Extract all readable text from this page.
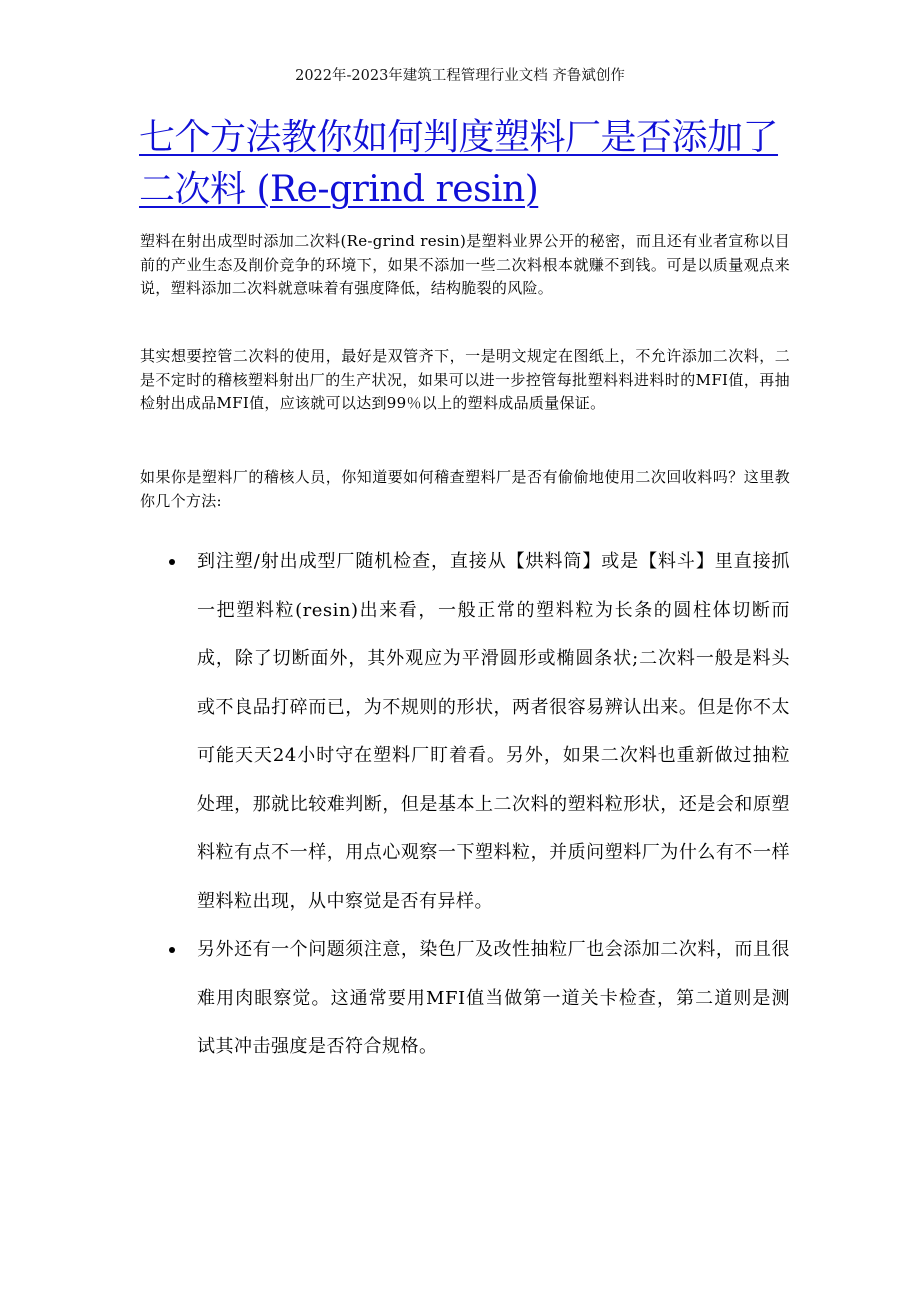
2022年-2023年建筑工程管理行业文档 齐鲁斌创作
七个方法教你如何判度塑料厂是否添加了二次料 (Re-grind resin)

塑料在射出成型时添加二次料(Re-grind resin)是塑料业界公开的秘密，而且还有业者宣称以目前的产业生态及削价竞争的环境下，如果不添加一些二次料根本就赚不到钱。可是以质量观点来说，塑料添加二次料就意味着有强度降低，结构脆裂的风险。

其实想要控管二次料的使用，最好是双管齐下，一是明文规定在图纸上，不允许添加二次料，二是不定时的稽核塑料射出厂的生产状况，如果可以进一步控管每批塑料料进料时的MFI值，再抽检射出成品MFI值，应该就可以达到99％以上的塑料成品质量保证。

如果你是塑料厂的稽核人员，你知道要如何稽查塑料厂是否有偷偷地使用二次回收料吗？这里教你几个方法:

到注塑/射出成型厂随机检查，直接从【烘料筒】或是【料斗】里直接抓一把塑料粒(resin)出来看，一般正常的塑料粒为长条的圆柱体切断而成，除了切断面外，其外观应为平滑圆形或椭圆条状;二次料一般是料头或不良品打碎而已，为不规则的形状，两者很容易辨认出来。但是你不太可能天天24小时守在塑料厂盯着看。另外，如果二次料也重新做过抽粒处理，那就比较难判断，但是基本上二次料的塑料粒形状，还是会和原塑料粒有点不一样，用点心观察一下塑料粒，并质问塑料厂为什么有不一样塑料粒出现，从中察觉是否有异样。
另外还有一个问题须注意，染色厂及改性抽粒厂也会添加二次料，而且很难用肉眼察觉。这通常要用MFI值当做第一道关卡检查，第二道则是测试其冲击强度是否符合规格。
